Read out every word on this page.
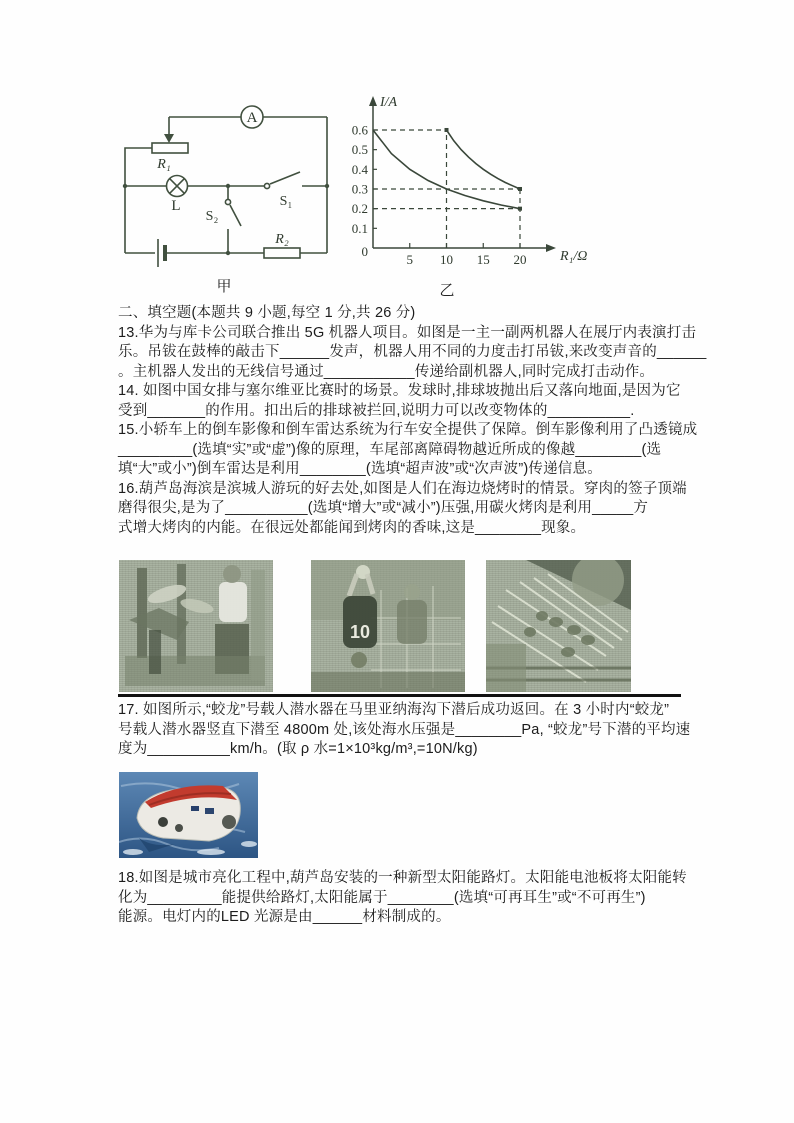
A
R₁
L	S₁
S₂
R₂
甲
0.1
0.2
0.3
0.4
0.5
0.6
5 10 15 20
I/A
R₁/Ω
0
乙
二、填空题(本题共 9 小题,每空 1 分,共 26 分)
13.华为与库卡公司联合推出 5G 机器人项目。如图是一主一副两机器人在展厅内表演打击
乐。吊钹在鼓棒的敲击下______发声，机器人用不同的力度击打吊钹,来改变声音的______
。主机器人发出的无线信号通过___________传递给副机器人,同时完成打击动作。
14. 如图中国女排与塞尔维亚比赛时的场景。发球时,排球坡抛出后又落向地面,是因为它
受到_______的作用。扣出后的排球被拦回,说明力可以改变物体的__________.
15.小轿车上的倒车影像和倒车雷达系统为行车安全提供了保障。倒车影像利用了凸透镜成
_________(选填“实”或“虚”)像的原理，车尾部离障碍物越近所成的像越________(选
填“大”或小”)倒车雷达是利用________(选填“超声波”或“次声波”)传递信息。
16.葫芦岛海滨是滨城人游玩的好去处,如图是人们在海边烧烤时的情景。穿肉的签子顶端
磨得很尖,是为了__________(选填“增大”或“减小”)压强,用碳火烤肉是利用_____方
式增大烤肉的内能。在很远处都能闻到烤肉的香味,这是________现象。
10
17. 如图所示,“蛟龙”号载人潜水器在马里亚纳海沟下潜后成功返回。在 3 小时内“蛟龙”
号载人潜水器竖直下潜至 4800m 处,该处海水压强是________Pa, “蛟龙”号下潜的平均速
度为__________km/h。(取 ρ 水=1×10³kg/m³,=10N/kg)
18.如图是城市亮化工程中,葫芦岛安装的一种新型太阳能路灯。太阳能电池板将太阳能转
化为_________能提供给路灯,太阳能属于________(选填“可再耳生”或“不可再生”)
能源。电灯内的LED 光源是由______材料制成的。
